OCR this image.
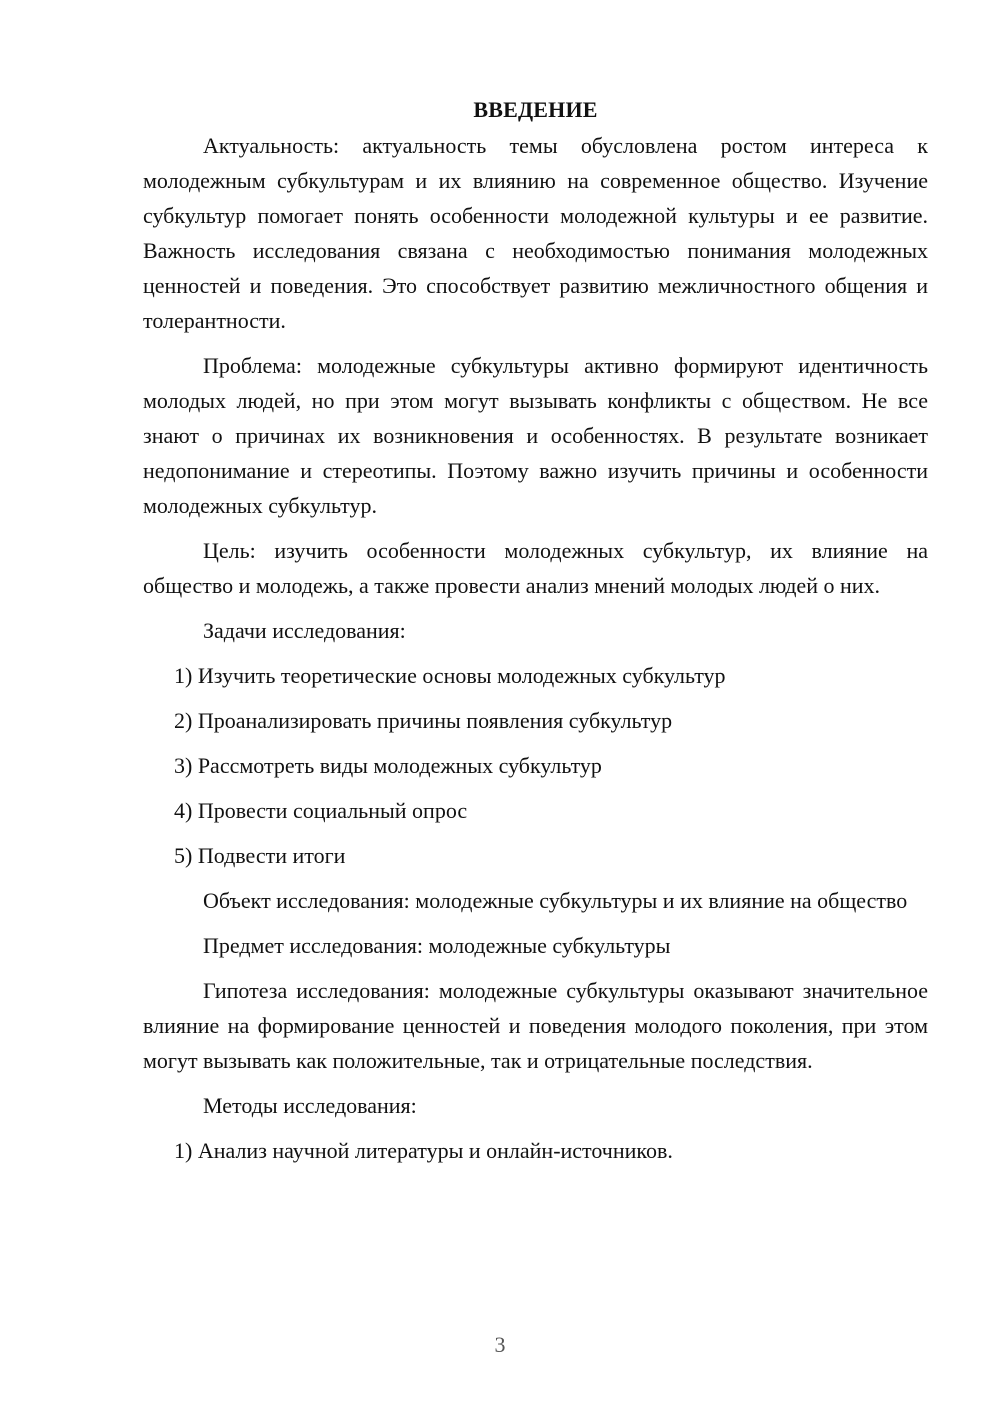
ВВЕДЕНИЕ

Актуальность: актуальность темы обусловлена ростом интереса к молодежным субкультурам и их влиянию на современное общество. Изучение субкультур помогает понять особенности молодежной культуры и ее развитие. Важность исследования связана с необходимостью понимания молодежных ценностей и поведения. Это способствует развитию межличностного общения и толерантности.

Проблема: молодежные субкультуры активно формируют идентичность молодых людей, но при этом могут вызывать конфликты с обществом. Не все знают о причинах их возникновения и особенностях. В результате возникает недопонимание и стереотипы. Поэтому важно изучить причины и особенности молодежных субкультур.

Цель: изучить особенности молодежных субкультур, их влияние на общество и молодежь, а также провести анализ мнений молодых людей о них.

Задачи исследования:

1) Изучить теоретические основы молодежных субкультур
2) Проанализировать причины появления субкультур
3) Рассмотреть виды молодежных субкультур
4) Провести социальный опрос
5) Подвести итоги

Объект исследования: молодежные субкультуры и их влияние на общество

Предмет исследования: молодежные субкультуры

Гипотеза исследования: молодежные субкультуры оказывают значительное влияние на формирование ценностей и поведения молодого поколения, при этом могут вызывать как положительные, так и отрицательные последствия.

Методы исследования:

1) Анализ научной литературы и онлайн-источников.
3
